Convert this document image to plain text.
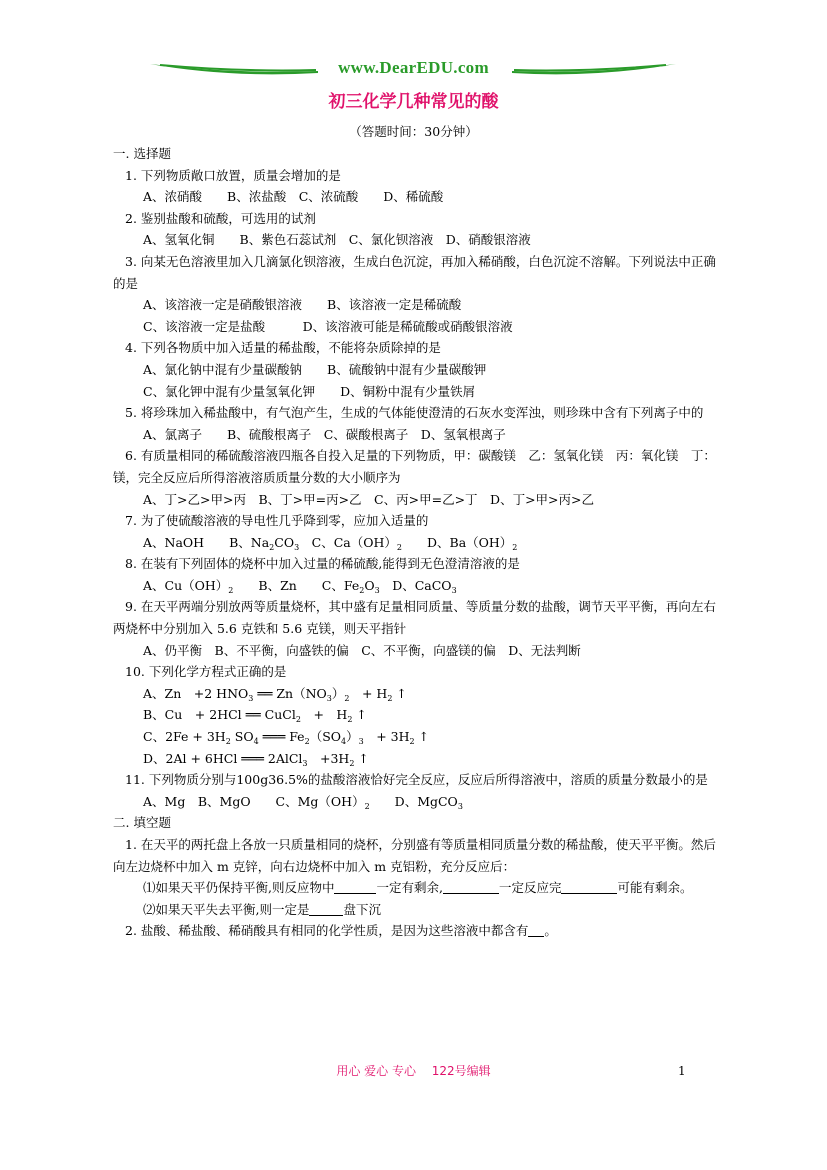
www.DearEDU.com
初三化学几种常见的酸
（答题时间：30分钟）
一. 选择题
1. 下列物质敞口放置，质量会增加的是
A、浓硝酸　　B、浓盐酸　C、浓硫酸　　D、稀硫酸
2. 鉴别盐酸和硫酸，可选用的试剂
A、氢氧化铜　　B、紫色石蕊试剂　C、氯化钡溶液　D、硝酸银溶液
3. 向某无色溶液里加入几滴氯化钡溶液，生成白色沉淀，再加入稀硝酸，白色沉淀不溶解。下列说法中正确的是
A、该溶液一定是硝酸银溶液　　B、该溶液一定是稀硫酸
C、该溶液一定是盐酸　　　D、该溶液可能是稀硫酸或硝酸银溶液
4. 下列各物质中加入适量的稀盐酸，不能将杂质除掉的是
A、氯化钠中混有少量碳酸钠　　B、硫酸钠中混有少量碳酸钾
C、氯化钾中混有少量氢氧化钾　　D、铜粉中混有少量铁屑
5. 将珍珠加入稀盐酸中，有气泡产生，生成的气体能使澄清的石灰水变浑浊，则珍珠中含有下列离子中的
A、氯离子　　B、硫酸根离子　C、碳酸根离子　D、氢氧根离子
6. 有质量相同的稀硫酸溶液四瓶各自投入足量的下列物质，甲：碳酸镁　乙：氢氧化镁　丙：氧化镁　丁：镁，完全反应后所得溶液溶质质量分数的大小顺序为
A、丁>乙>甲>丙　B、丁>甲=丙>乙　C、丙>甲=乙>丁　D、丁>甲>丙>乙
7. 为了使硫酸溶液的导电性几乎降到零，应加入适量的
A、NaOH　　B、$Na_2CO_3$　C、$Ca(OH)_2$　　D、$Ba(OH)_2$
8. 在装有下列固体的烧杯中加入过量的稀硫酸,能得到无色澄清溶液的是
A、$Cu(OH)_2$　　B、Zn　　C、$Fe_2O_3$　D、CaCO$_3$
9. 在天平两端分别放两等质量烧杯，其中盛有足量相同质量、等质量分数的盐酸，调节天平平衡，再向左右两烧杯中分别加入 5.6 克铁和 5.6 克镁，则天平指针
A、仍平衡　B、不平衡，向盛铁的偏　C、不平衡，向盛镁的偏　D、无法判断
10. 下列化学方程式正确的是
A、Zn　+2 $HNO_3$ ══ $Zn(NO_3)_2$　+ $H_2$ ↑
B、Cu　+ 2HCl ══ CuCl$_2$　+　$H_2$ ↑
C、$2Fe + 3H_2$ $SO_4$ ═══ $Fe_2(SO_4)_3$　+ $3H_2$ ↑
D、2Al + 6HCl ═══ 2AlCl$_3$　$+3H_2$ ↑
11. 下列物质分别与100g36.5%的盐酸溶液恰好完全反应，反应后所得溶液中，溶质的质量分数最小的是
A、Mg　B、MgO　　C、$Mg(OH)_2$　　D、MgCO$_3$
二. 填空题
1. 在天平的两托盘上各放一只质量相同的烧杯，分别盛有等质量相同质量分数的稀盐酸，使天平平衡。然后向左边烧杯中加入 m 克锌，向右边烧杯中加入 m 克铝粉，充分反应后：
⑴如果天平仍保持平衡,则反应物中	一定有剩余,	一定反应完	可能有剩余。
⑵如果天平失去平衡,则一定是	盘下沉
2. 盐酸、稀盐酸、稀硝酸具有相同的化学性质，是因为这些溶液中都含有 。
用心 爱心 专心　 122号编辑	1
